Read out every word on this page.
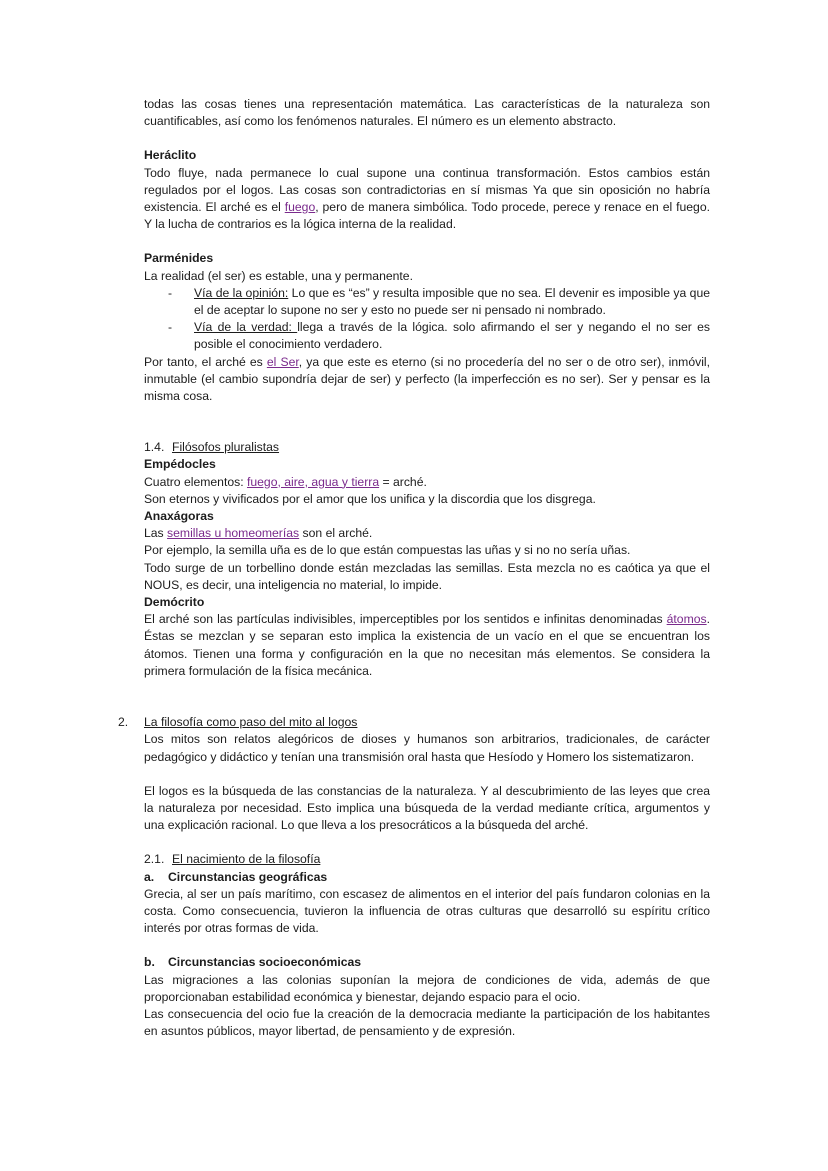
todas las cosas tienes una representación matemática. Las características de la naturaleza son cuantificables, así como los fenómenos naturales. El número es un elemento abstracto.

Heráclito

Todo fluye, nada permanece lo cual supone una continua transformación. Estos cambios están regulados por el logos. Las cosas son contradictorias en sí mismas Ya que sin oposición no habría existencia. El arché es el fuego, pero de manera simbólica. Todo procede, perece y renace en el fuego. Y la lucha de contrarios es la lógica interna de la realidad.

Parménides

La realidad (el ser) es estable, una y permanente.

- Vía de la opinión: Lo que es “es” y resulta imposible que no sea. El devenir es imposible ya que el de aceptar lo supone no ser y esto no puede ser ni pensado ni nombrado.
- Vía de la verdad: llega a través de la lógica. solo afirmando el ser y negando el no ser es posible el conocimiento verdadero.

Por tanto, el arché es el Ser, ya que este es eterno (si no procedería del no ser o de otro ser), inmóvil, inmutable (el cambio supondría dejar de ser) y perfecto (la imperfección es no ser). Ser y pensar es la misma cosa.

1.4. Filósofos pluralistas

Empédocles

Cuatro elementos: fuego, aire, agua y tierra = arché.

Son eternos y vivificados por el amor que los unifica y la discordia que los disgrega.

Anaxágoras

Las semillas u homeomerías son el arché.

Por ejemplo, la semilla uña es de lo que están compuestas las uñas y si no no sería uñas.

Todo surge de un torbellino donde están mezcladas las semillas. Esta mezcla no es caótica ya que el NOUS, es decir, una inteligencia no material, lo impide.

Demócrito

El arché son las partículas indivisibles, imperceptibles por los sentidos e infinitas denominadas átomos. Éstas se mezclan y se separan esto implica la existencia de un vacío en el que se encuentran los átomos. Tienen una forma y configuración en la que no necesitan más elementos. Se considera la primera formulación de la física mecánica.

2. La filosofía como paso del mito al logos

Los mitos son relatos alegóricos de dioses y humanos son arbitrarios, tradicionales, de carácter pedagógico y didáctico y tenían una transmisión oral hasta que Hesíodo y Homero los sistematizaron.

El logos es la búsqueda de las constancias de la naturaleza. Y al descubrimiento de las leyes que crea la naturaleza por necesidad. Esto implica una búsqueda de la verdad mediante crítica, argumentos y una explicación racional. Lo que lleva a los presocráticos a la búsqueda del arché.

2.1. El nacimiento de la filosofía

a. Circunstancias geográficas

Grecia, al ser un país marítimo, con escasez de alimentos en el interior del país fundaron colonias en la costa. Como consecuencia, tuvieron la influencia de otras culturas que desarrolló su espíritu crítico interés por otras formas de vida.

b. Circunstancias socioeconómicas

Las migraciones a las colonias suponían la mejora de condiciones de vida, además de que proporcionaban estabilidad económica y bienestar, dejando espacio para el ocio.

Las consecuencia del ocio fue la creación de la democracia mediante la participación de los habitantes en asuntos públicos, mayor libertad, de pensamiento y de expresión.
